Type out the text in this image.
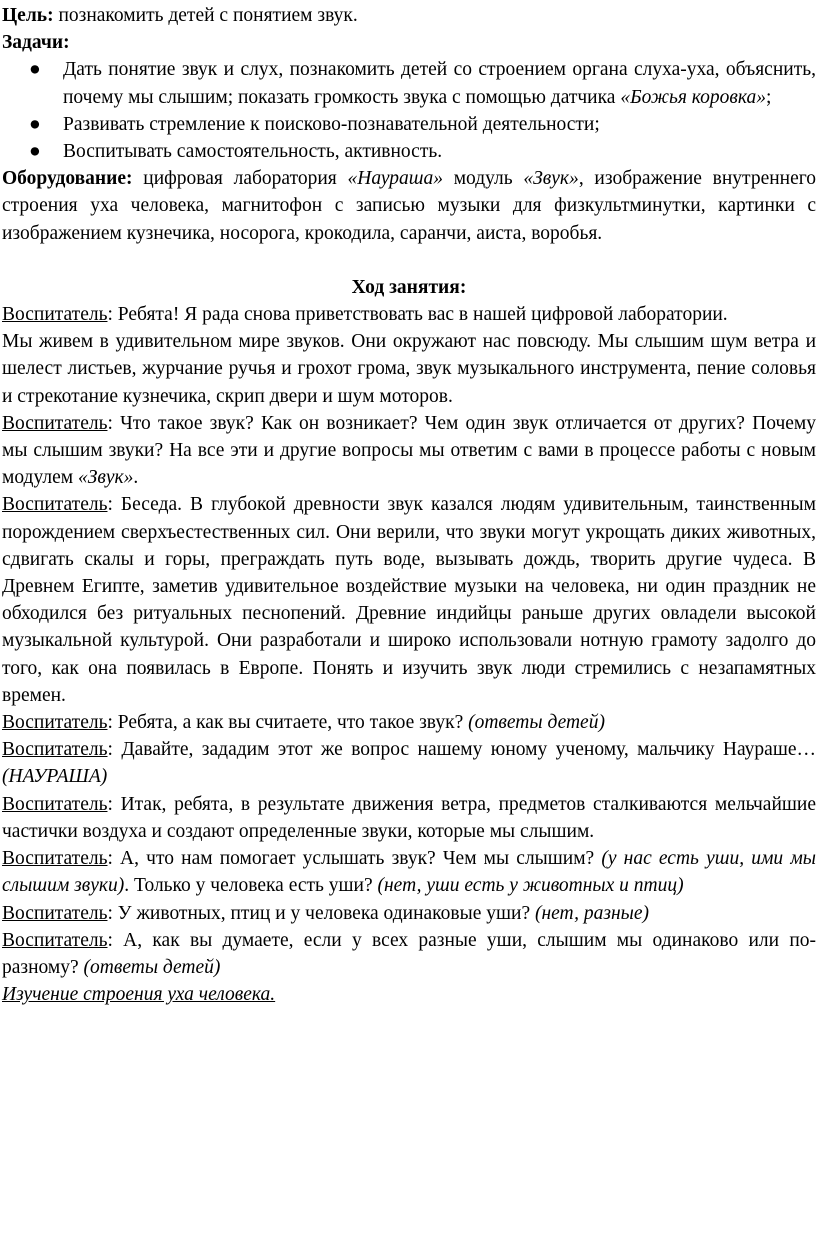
Цель: познакомить детей с понятием звук.

Задачи:

● Дать понятие звук и слух, познакомить детей со строением органа слуха-уха, объяснить, почему мы слышим; показать громкость звука с помощью датчика «Божья коровка»;
● Развивать стремление к поисково-познавательной деятельности;
● Воспитывать самостоятельность, активность.

Оборудование: цифровая лаборатория «Наураша» модуль «Звук», изображение внутреннего строения уха человека, магнитофон с записью музыки для физкультминутки, картинки с изображением кузнечика, носорога, крокодила, саранчи, аиста, воробья.

Ход занятия:

Воспитатель: Ребята! Я рада снова приветствовать вас в нашей цифровой лаборатории.

Мы живем в удивительном мире звуков. Они окружают нас повсюду. Мы слышим шум ветра и шелест листьев, журчание ручья и грохот грома, звук музыкального инструмента, пение соловья и стрекотание кузнечика, скрип двери и шум моторов.

Воспитатель: Что такое звук? Как он возникает? Чем один звук отличается от других? Почему мы слышим звуки? На все эти и другие вопросы мы ответим с вами в процессе работы с новым модулем «Звук».

Воспитатель: Беседа. В глубокой древности звук казался людям удивительным, таинственным порождением сверхъестественных сил. Они верили, что звуки могут укрощать диких животных, сдвигать скалы и горы, преграждать путь воде, вызывать дождь, творить другие чудеса. В Древнем Египте, заметив удивительное воздействие музыки на человека, ни один праздник не обходился без ритуальных песнопений. Древние индийцы раньше других овладели высокой музыкальной культурой. Они разработали и широко использовали нотную грамоту задолго до того, как она появилась в Европе. Понять и изучить звук люди стремились с незапамятных времен.

Воспитатель: Ребята, а как вы считаете, что такое звук? (ответы детей)

Воспитатель: Давайте, зададим этот же вопрос нашему юному ученому, мальчику Наураше… (НАУРАША)

Воспитатель: Итак, ребята, в результате движения ветра, предметов сталкиваются мельчайшие частички воздуха и создают определенные звуки, которые мы слышим.

Воспитатель: А, что нам помогает услышать звук? Чем мы слышим? (у нас есть уши, ими мы слышим звуки). Только у человека есть уши? (нет, уши есть у животных и птиц)

Воспитатель: У животных, птиц и у человека одинаковые уши? (нет, разные)

Воспитатель: А, как вы думаете, если у всех разные уши, слышим мы одинаково или по-разному? (ответы детей)

Изучение строения уха человека.
